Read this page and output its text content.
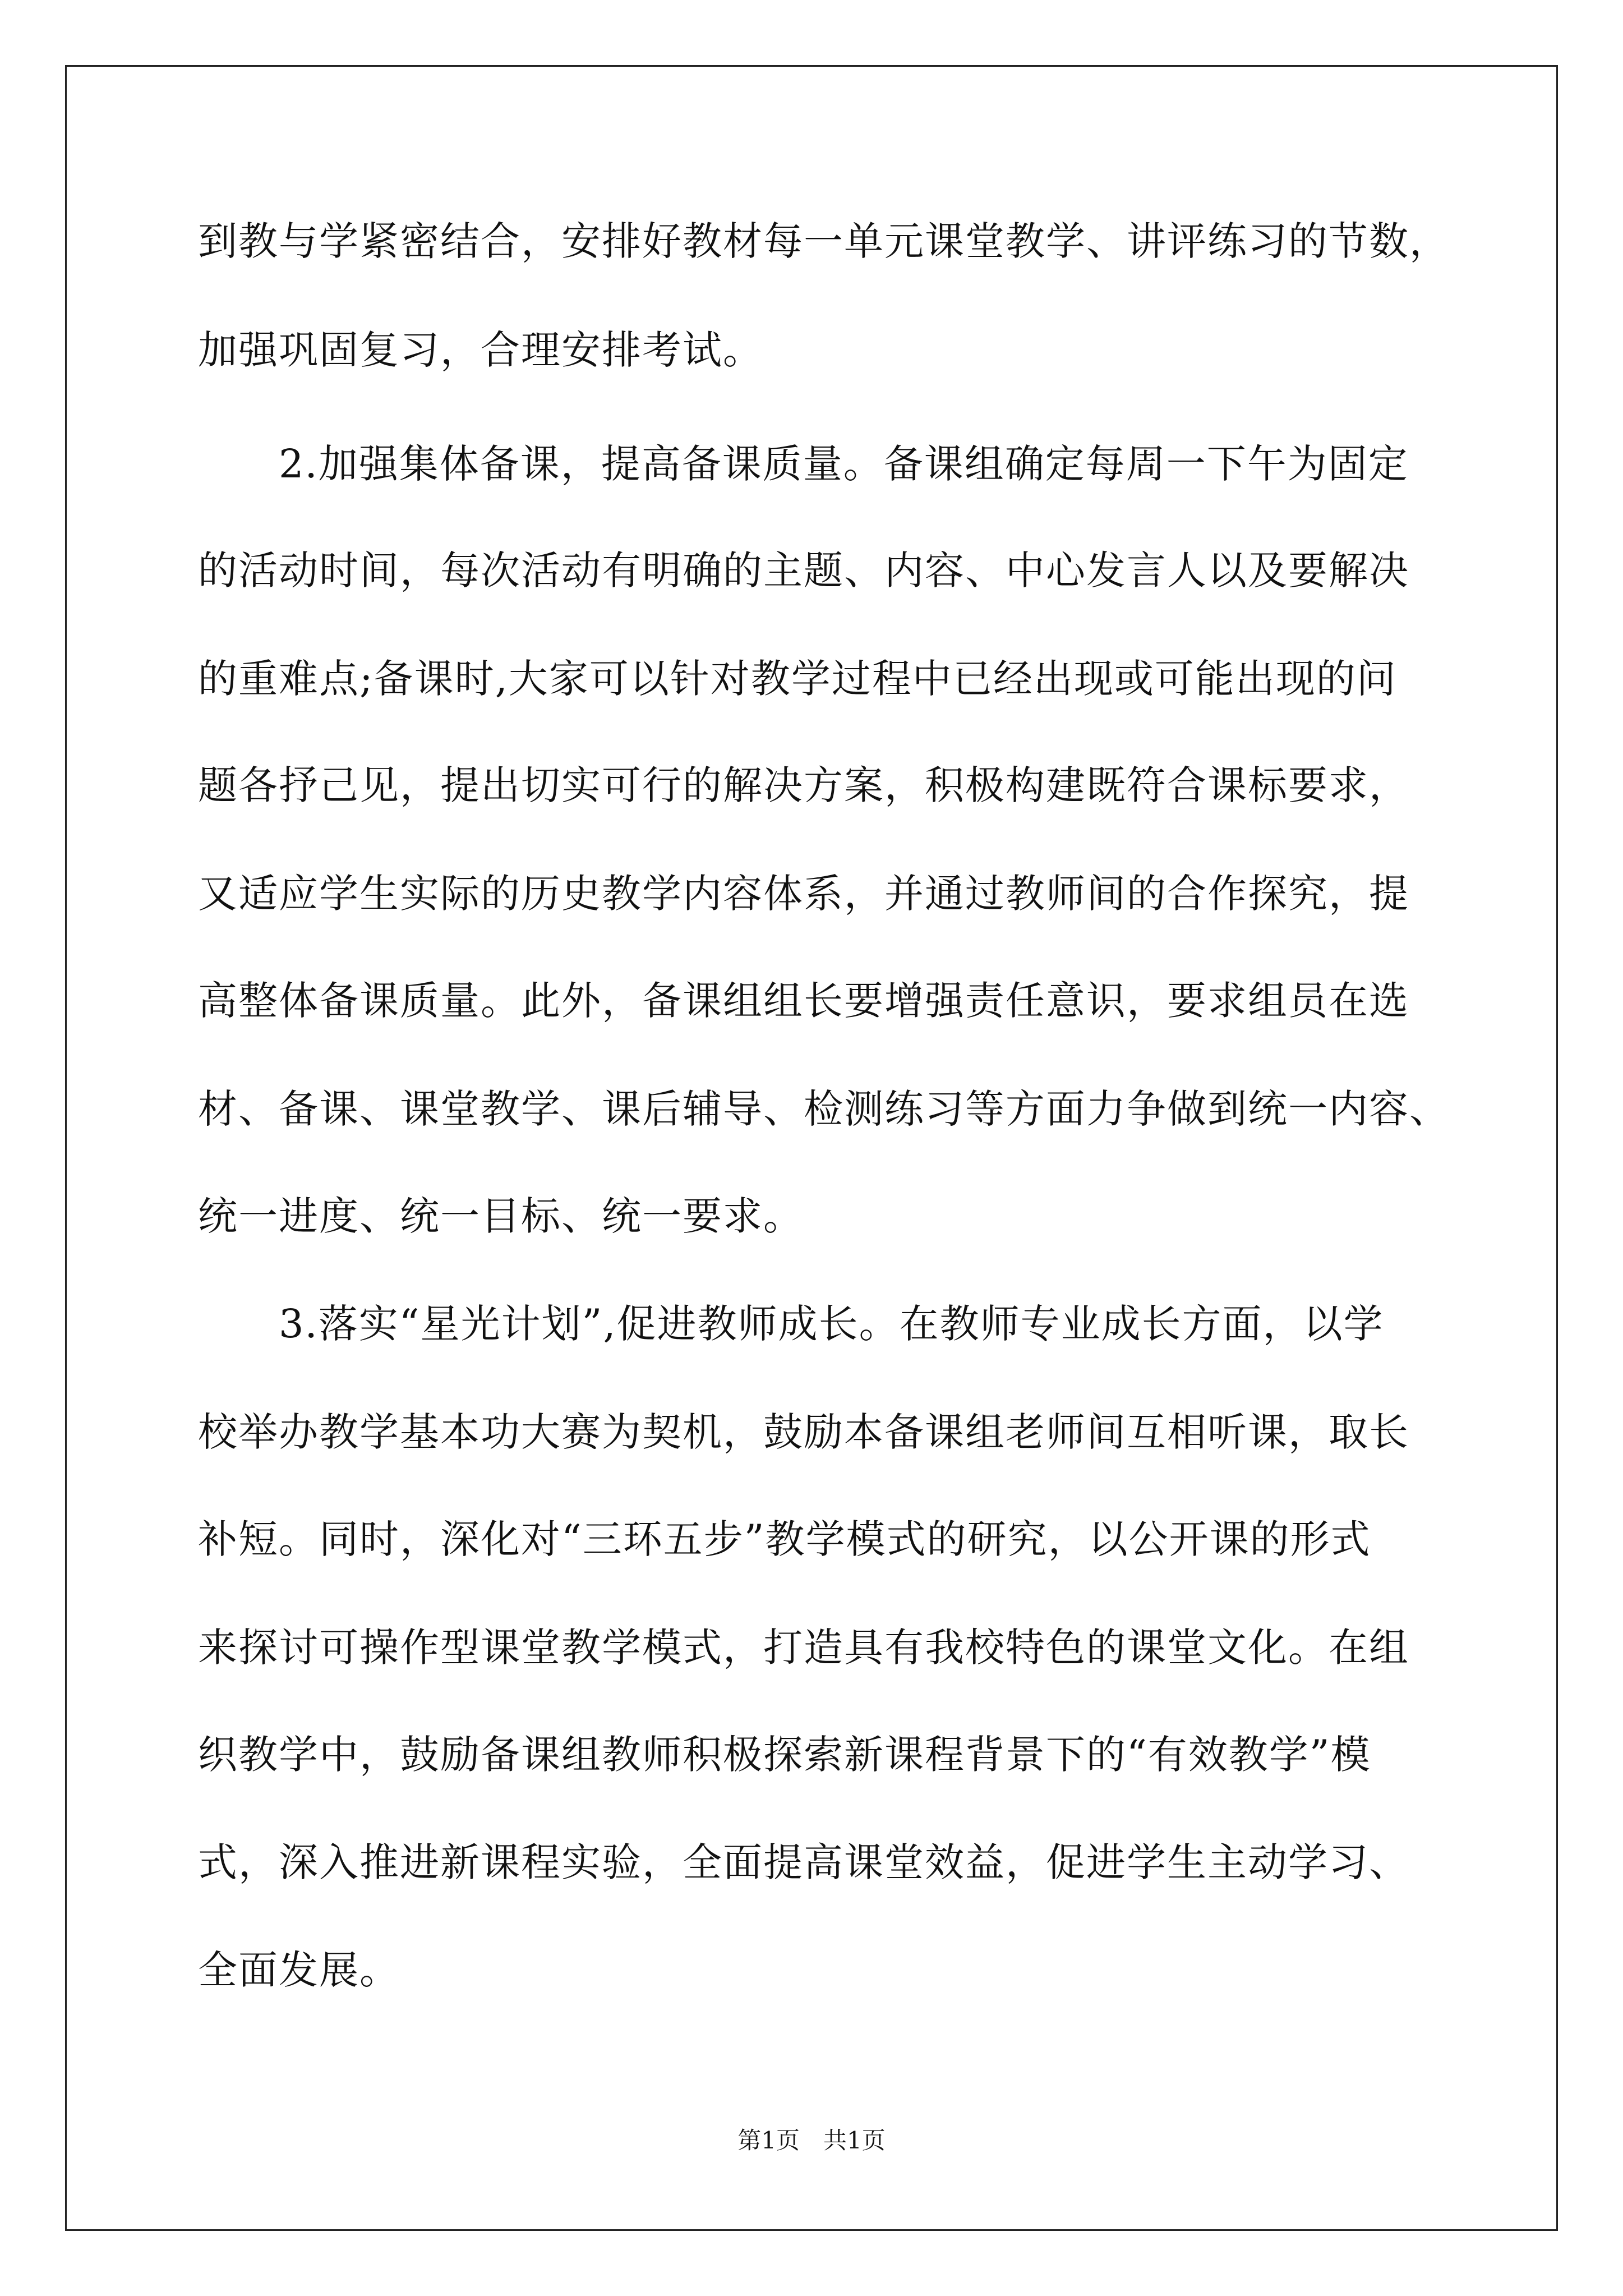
到教与学紧密结合，安排好教材每一单元课堂教学、讲评练习的节数，
加强巩固复习，合理安排考试。
　　2.加强集体备课，提高备课质量。备课组确定每周一下午为固定
的活动时间，每次活动有明确的主题、内容、中心发言人以及要解决
的重难点;备课时,大家可以针对教学过程中已经出现或可能出现的问
题各抒己见，提出切实可行的解决方案，积极构建既符合课标要求，
又适应学生实际的历史教学内容体系，并通过教师间的合作探究，提
高整体备课质量。此外，备课组组长要增强责任意识，要求组员在选
材、备课、课堂教学、课后辅导、检测练习等方面力争做到统一内容、
统一进度、统一目标、统一要求。
　　3.落实“星光计划”,促进教师成长。在教师专业成长方面，以学
校举办教学基本功大赛为契机，鼓励本备课组老师间互相听课，取长
补短。同时，深化对“三环五步”教学模式的研究，以公开课的形式
来探讨可操作型课堂教学模式，打造具有我校特色的课堂文化。在组
织教学中，鼓励备课组教师积极探索新课程背景下的“有效教学”模
式，深入推进新课程实验，全面提高课堂效益，促进学生主动学习、
全面发展。
第1页　共1页
